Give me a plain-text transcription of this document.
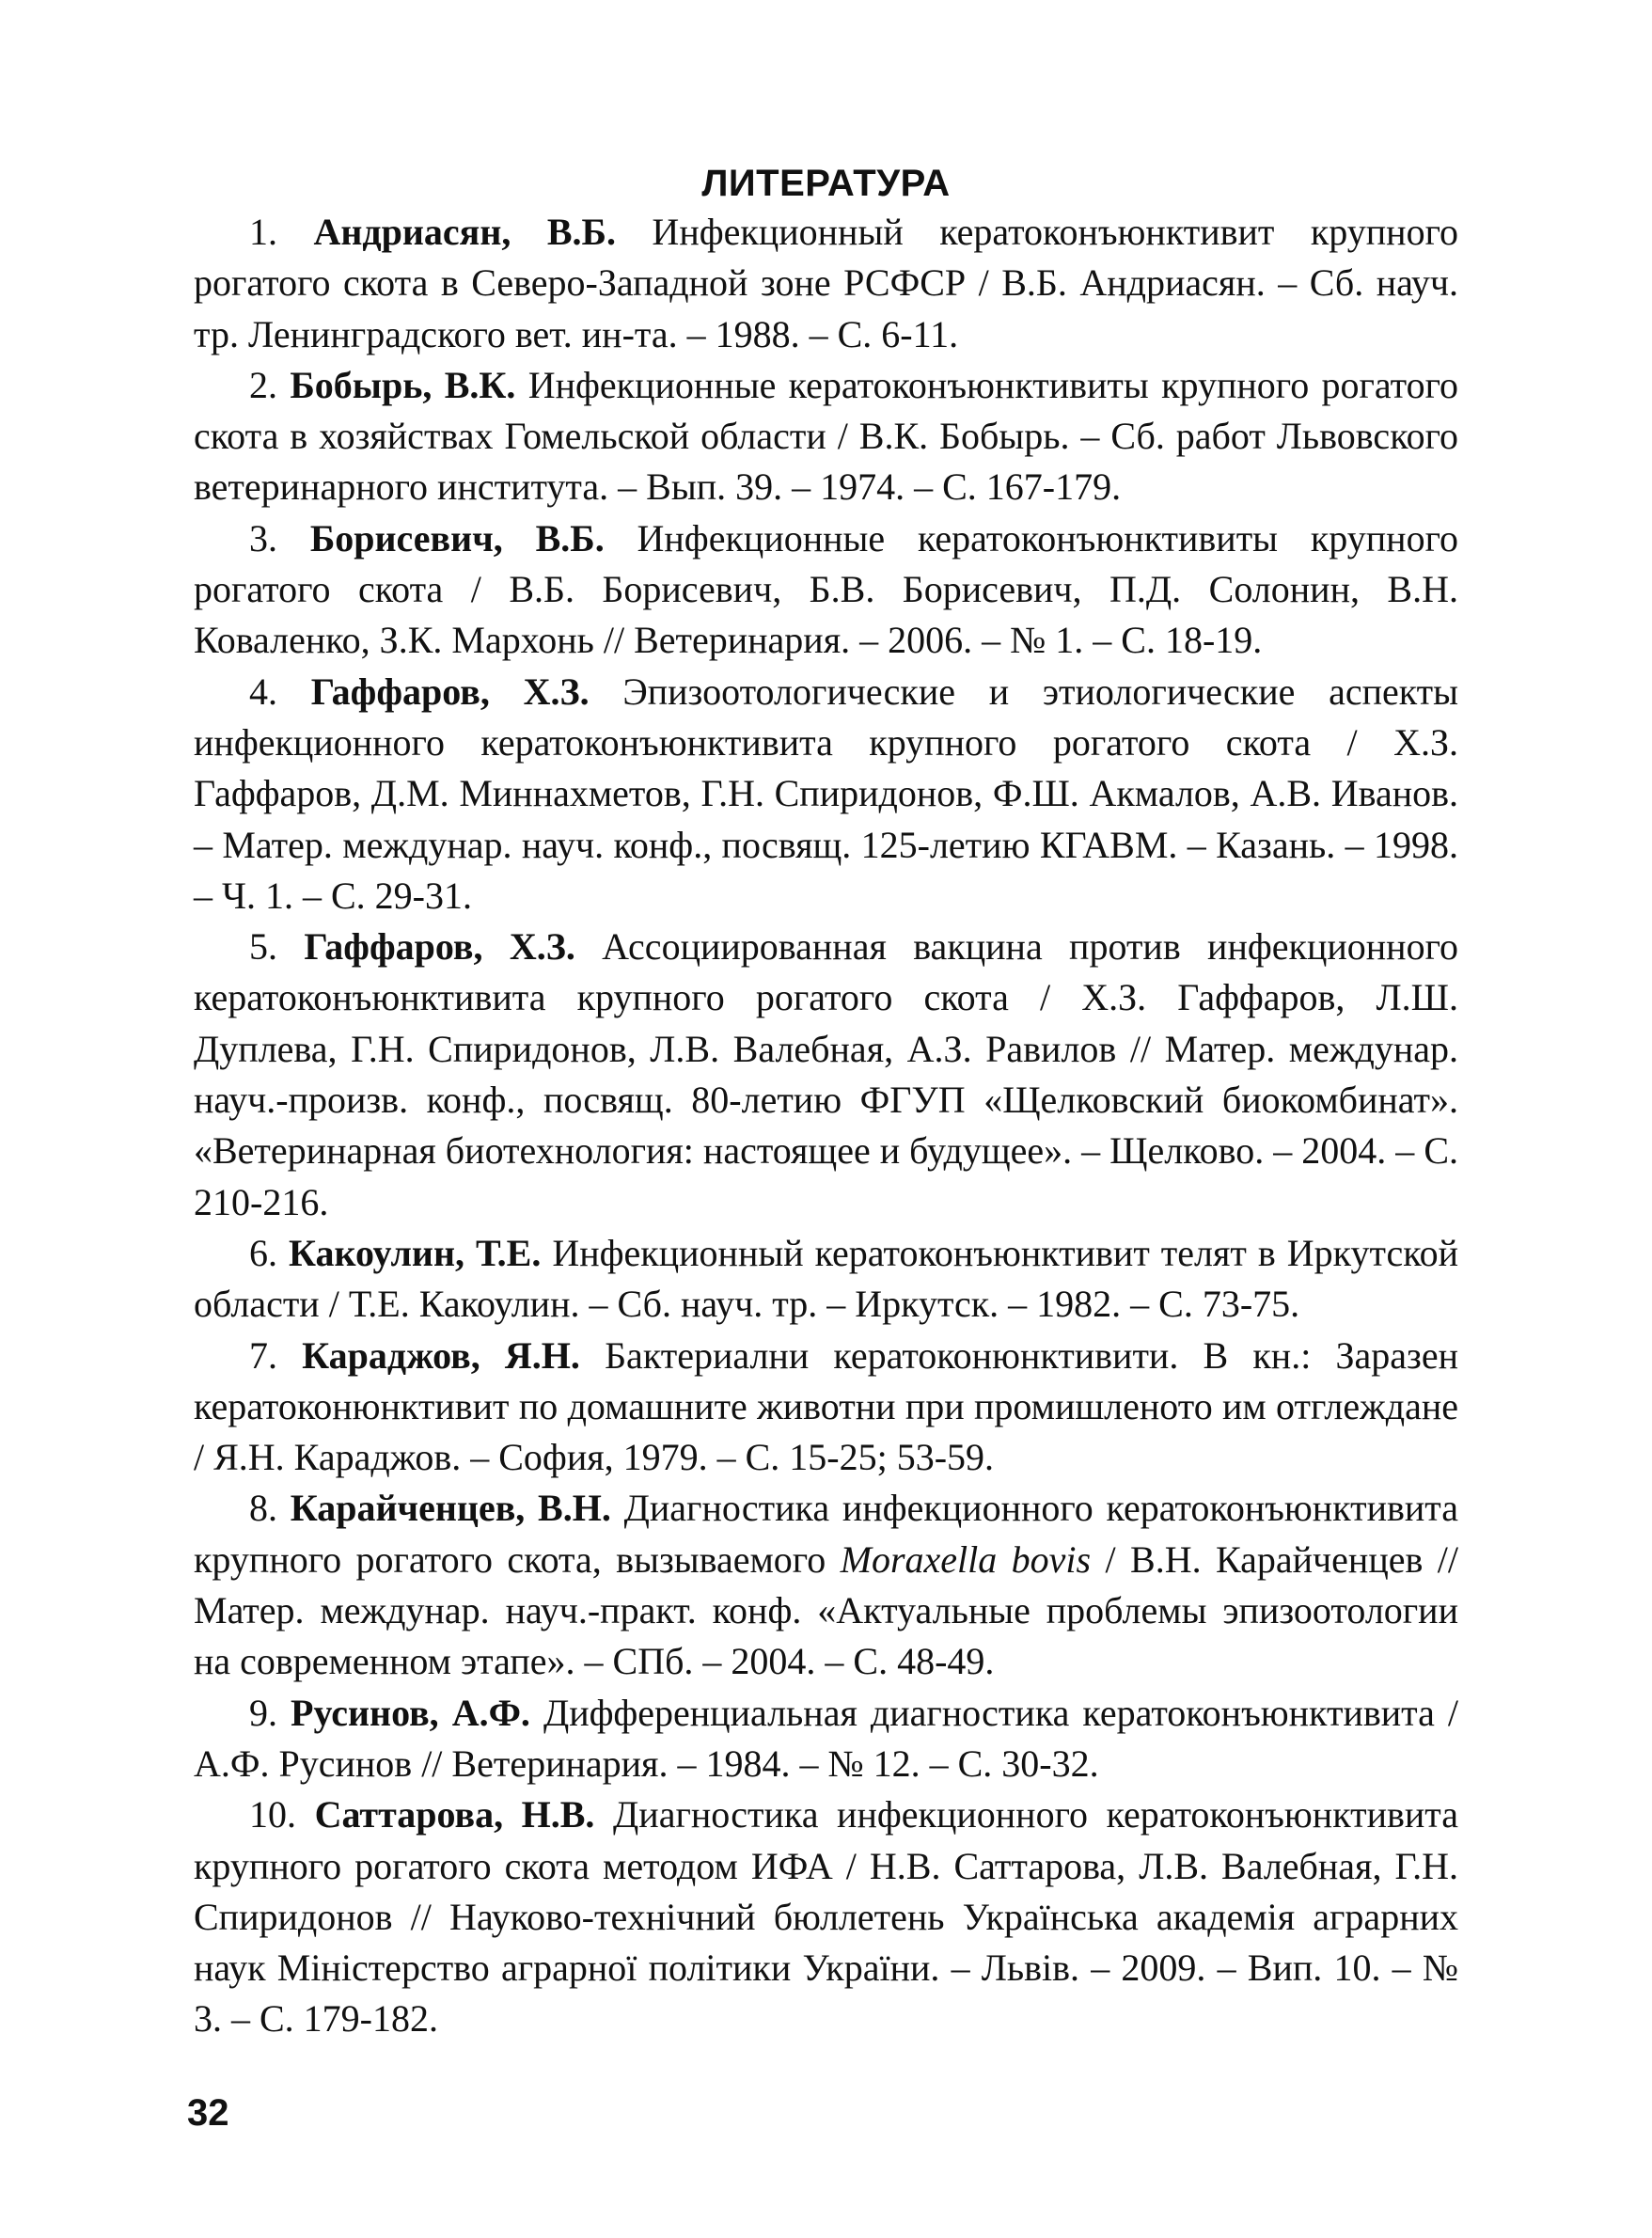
ЛИТЕРАТУРА

1. Андриасян, В.Б. Инфекционный кератоконъюнктивит крупного рогатого скота в Северо-Западной зоне РСФСР / В.Б. Андриасян. – Сб. науч. тр. Ленинградского вет. ин-та. – 1988. – С. 6-11.

2. Бобырь, В.К. Инфекционные кератоконъюнктивиты крупного рогатого скота в хозяйствах Гомельской области / В.К. Бобырь. – Сб. работ Львовского ветеринарного института. – Вып. 39. – 1974. – С. 167-179.

3. Борисевич, В.Б. Инфекционные кератоконъюнктивиты крупного рогатого скота / В.Б. Борисевич, Б.В. Борисевич, П.Д. Солонин, В.Н. Коваленко, З.К. Мархонь // Ветеринария. – 2006. – № 1. – С. 18-19.

4. Гаффаров, Х.З. Эпизоотологические и этиологические аспекты инфекционного кератоконъюнктивита крупного рогатого скота / Х.З. Гаффаров, Д.М. Миннахметов, Г.Н. Спиридонов, Ф.Ш. Акмалов, А.В. Иванов. – Матер. междунар. науч. конф., посвящ. 125-летию КГАВМ. – Казань. – 1998. – Ч. 1. – С. 29-31.

5. Гаффаров, Х.З. Ассоциированная вакцина против инфекционного кератоконъюнктивита крупного рогатого скота / Х.З. Гаффаров, Л.Ш. Дуплева, Г.Н. Спиридонов, Л.В. Валебная, А.З. Равилов // Матер. междунар. науч.-произв. конф., посвящ. 80-летию ФГУП «Щелковский биокомбинат». «Ветеринарная биотехнология: настоящее и будущее». – Щелково. – 2004. – С. 210-216.

6. Какоулин, Т.Е. Инфекционный кератоконъюнктивит телят в Иркутской области / Т.Е. Какоулин. – Сб. науч. тр. – Иркутск. – 1982. – С. 73-75.

7. Караджов, Я.Н. Бактериални кератоконюнктивити. В кн.: Заразен кератоконюнктивит по домашните животни при промишленото им отглеждане / Я.Н. Караджов. – София, 1979. – С. 15-25; 53-59.

8. Карайченцев, В.Н. Диагностика инфекционного кератоконъюнктивита крупного рогатого скота, вызываемого Moraxella bovis / В.Н. Карайченцев // Матер. междунар. науч.-практ. конф. «Актуальные проблемы эпизоотологии на современном этапе». – СПб. – 2004. – С. 48-49.

9. Русинов, А.Ф. Дифференциальная диагностика кератоконъюнктивита / А.Ф. Русинов // Ветеринария. – 1984. – № 12. – С. 30-32.

10. Саттарова, Н.В. Диагностика инфекционного кератоконъюнктивита крупного рогатого скота методом ИФА / Н.В. Саттарова, Л.В. Валебная, Г.Н. Спиридонов // Науково-технічний бюллетень Українська академія аграрних наук Міністерство аграрної політики України. – Львів. – 2009. – Вип. 10. – № 3. – С. 179-182.

32
